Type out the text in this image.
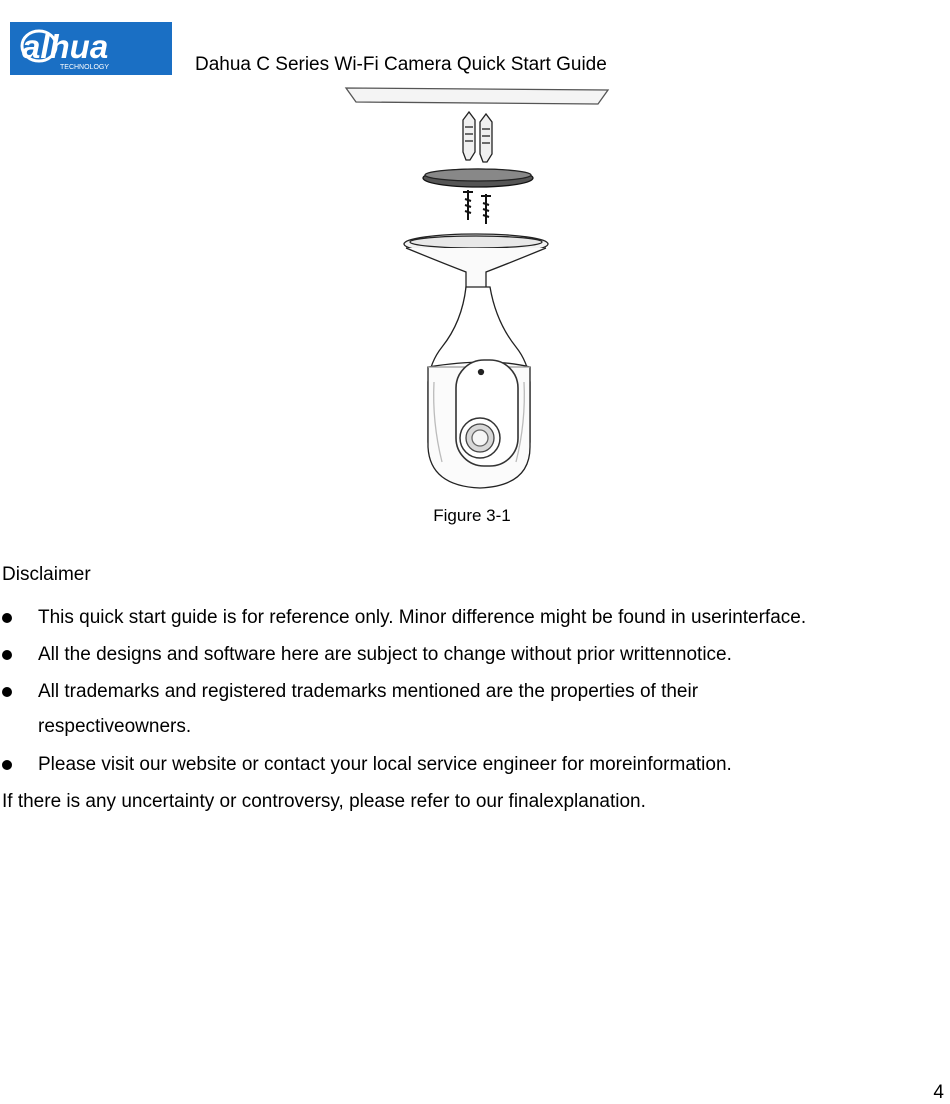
alhua
TECHNOLOGY	Dahua C Series Wi-Fi Camera Quick Start Guide
Figure 3-1
Disclaimer
This quick start guide is for reference only. Minor difference might be found in userinterface.
All the designs and software here are subject to change without prior writtennotice.
All trademarks and registered trademarks mentioned are the properties of their
respectiveowners.
Please visit our website or contact your local service engineer for moreinformation.
If there is any uncertainty or controversy, please refer to our finalexplanation.
4
